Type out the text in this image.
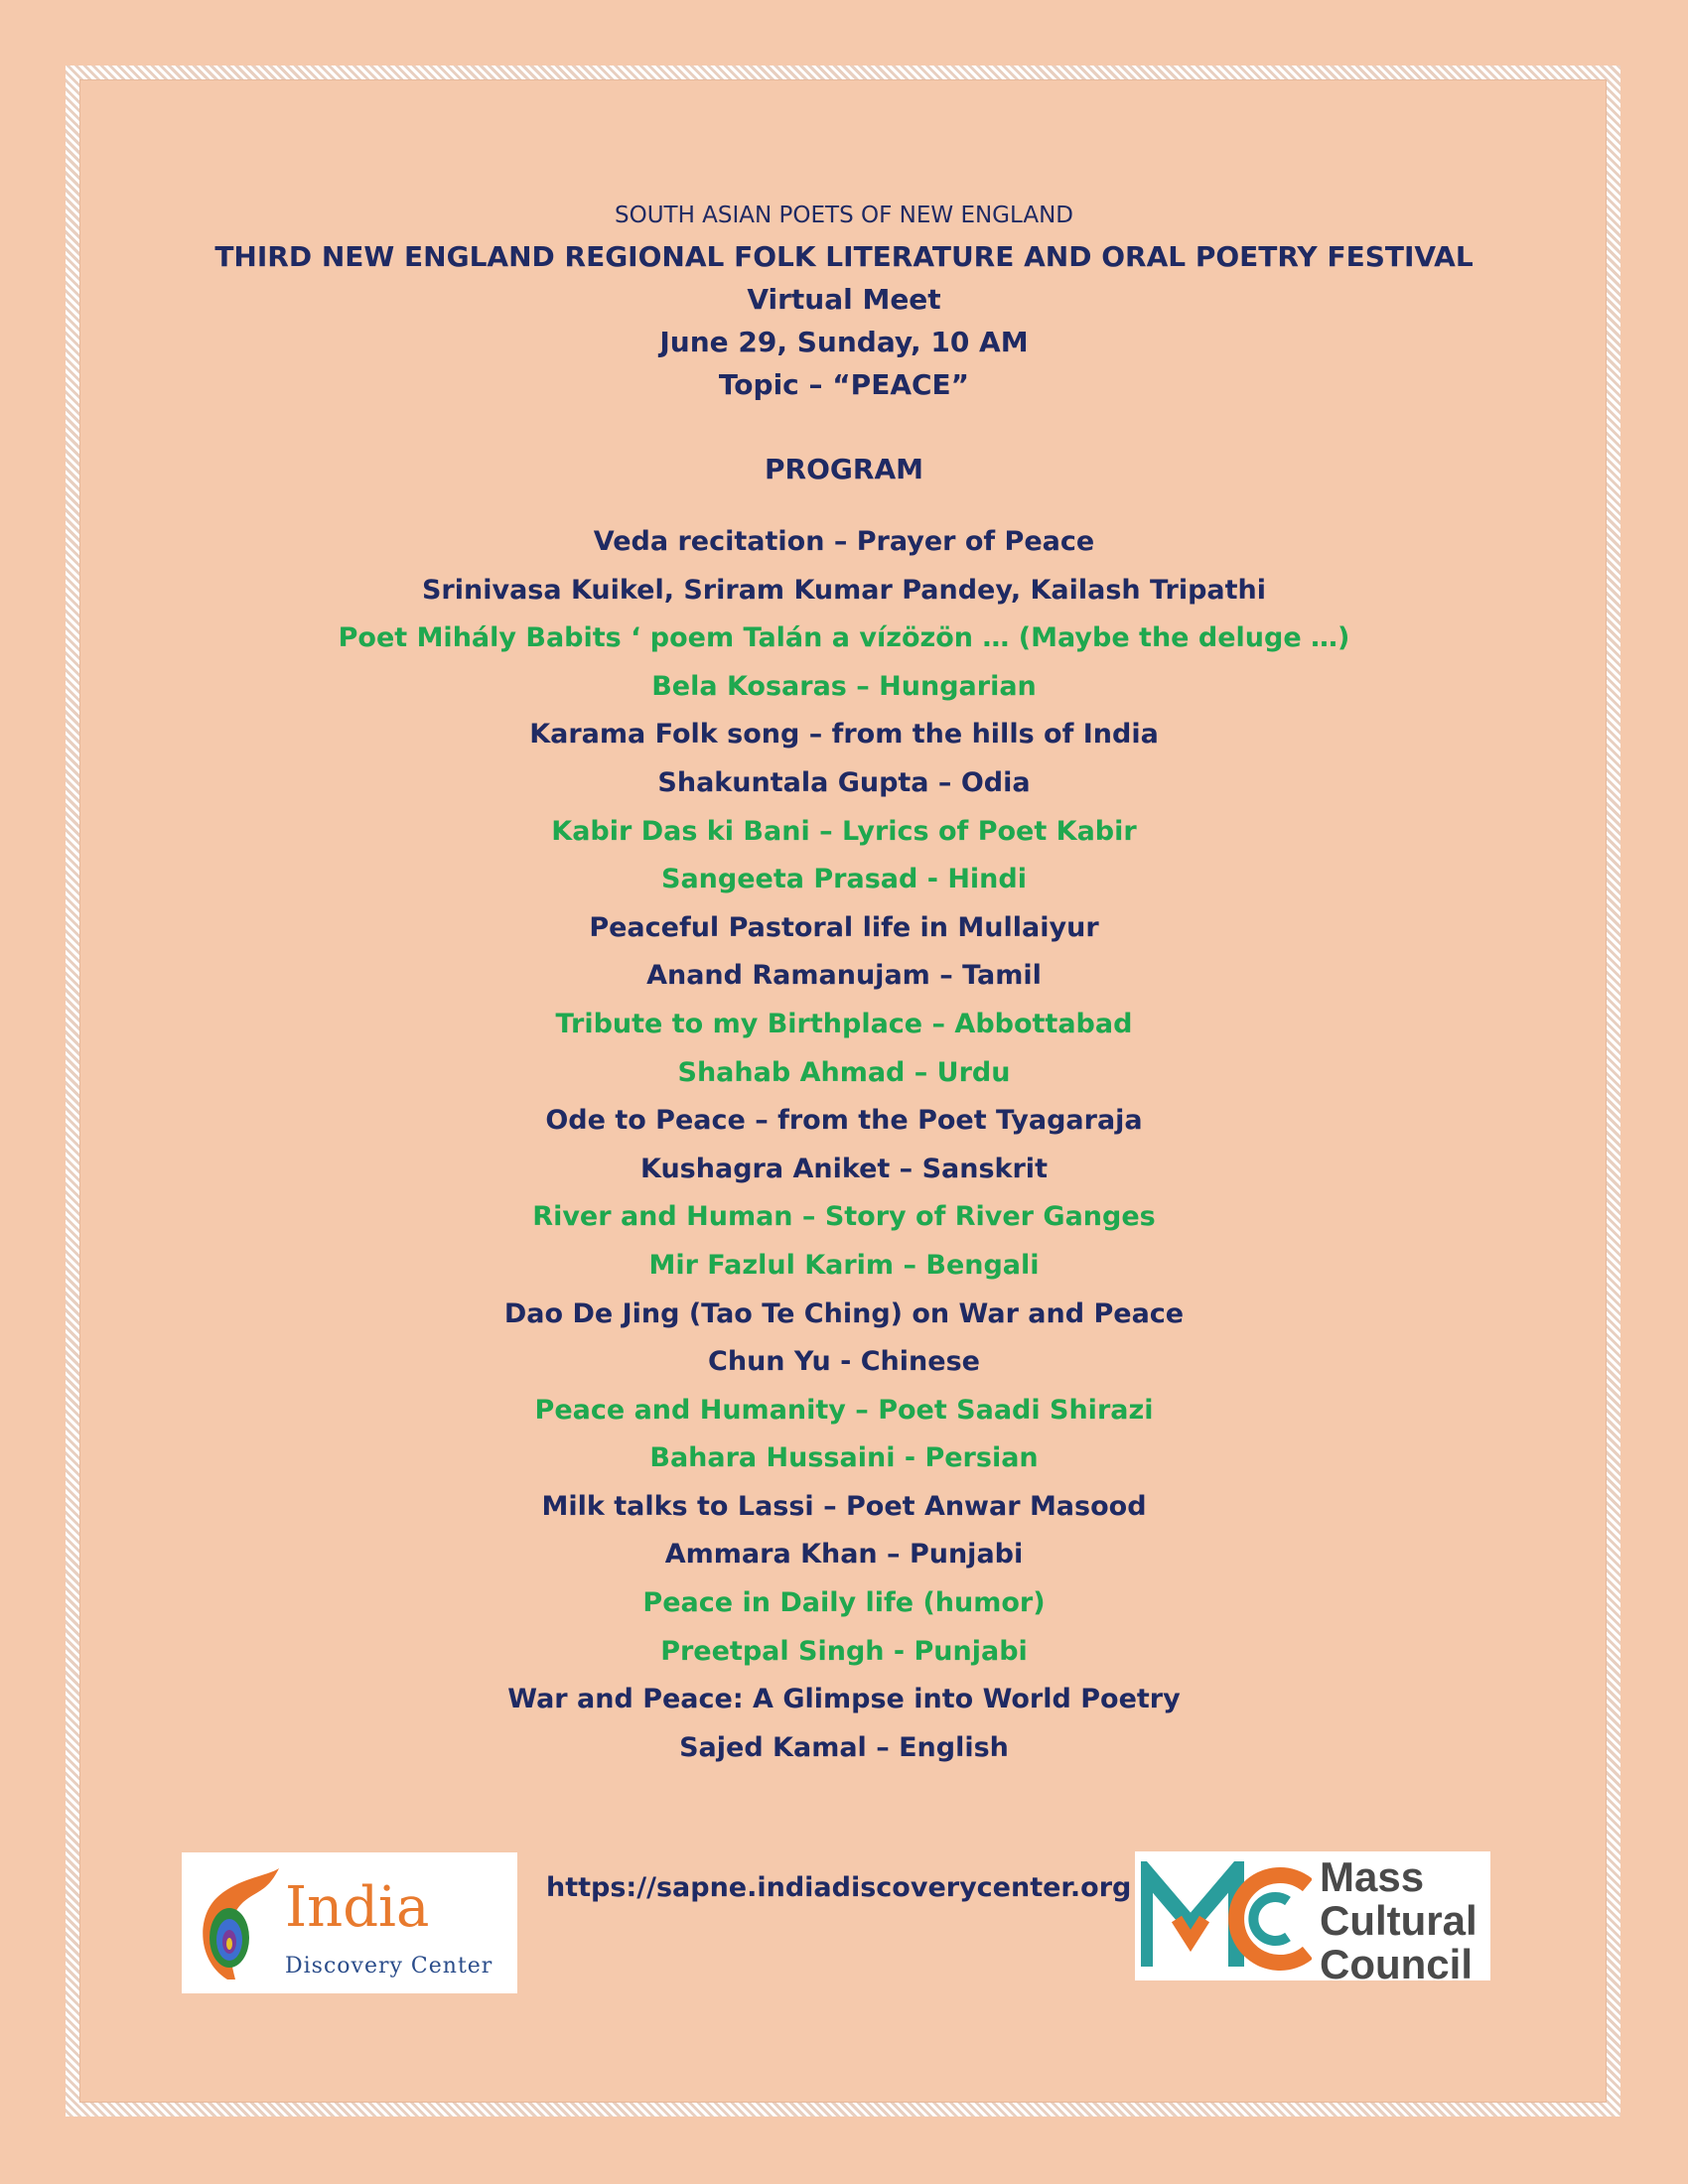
SOUTH ASIAN POETS OF NEW ENGLAND
THIRD NEW ENGLAND REGIONAL FOLK LITERATURE AND ORAL POETRY FESTIVAL
Virtual Meet
June 29, Sunday, 10 AM
Topic – “PEACE”
PROGRAM
Veda recitation – Prayer of Peace
Srinivasa Kuikel, Sriram Kumar Pandey, Kailash Tripathi
Poet Mihály Babits ‘ poem Talán a vízözön … (Maybe the deluge …)
Bela Kosaras – Hungarian
Karama Folk song – from the hills of India
Shakuntala Gupta – Odia
Kabir Das ki Bani – Lyrics of Poet Kabir
Sangeeta Prasad - Hindi
Peaceful Pastoral life in Mullaiyur
Anand Ramanujam – Tamil
Tribute to my Birthplace – Abbottabad
Shahab Ahmad – Urdu
Ode to Peace – from the Poet Tyagaraja
Kushagra Aniket – Sanskrit
River and Human – Story of River Ganges
Mir Fazlul Karim – Bengali
Dao De Jing (Tao Te Ching) on War and Peace
Chun Yu - Chinese
Peace and Humanity – Poet Saadi Shirazi
Bahara Hussaini - Persian
Milk talks to Lassi – Poet Anwar Masood
Ammara Khan – Punjabi
Peace in Daily life (humor)
Preetpal Singh - Punjabi
War and Peace: A Glimpse into World Poetry
Sajed Kamal – English
India
Discovery Center
https://sapne.indiadiscoverycenter.org	Mass
Cultural
Council
